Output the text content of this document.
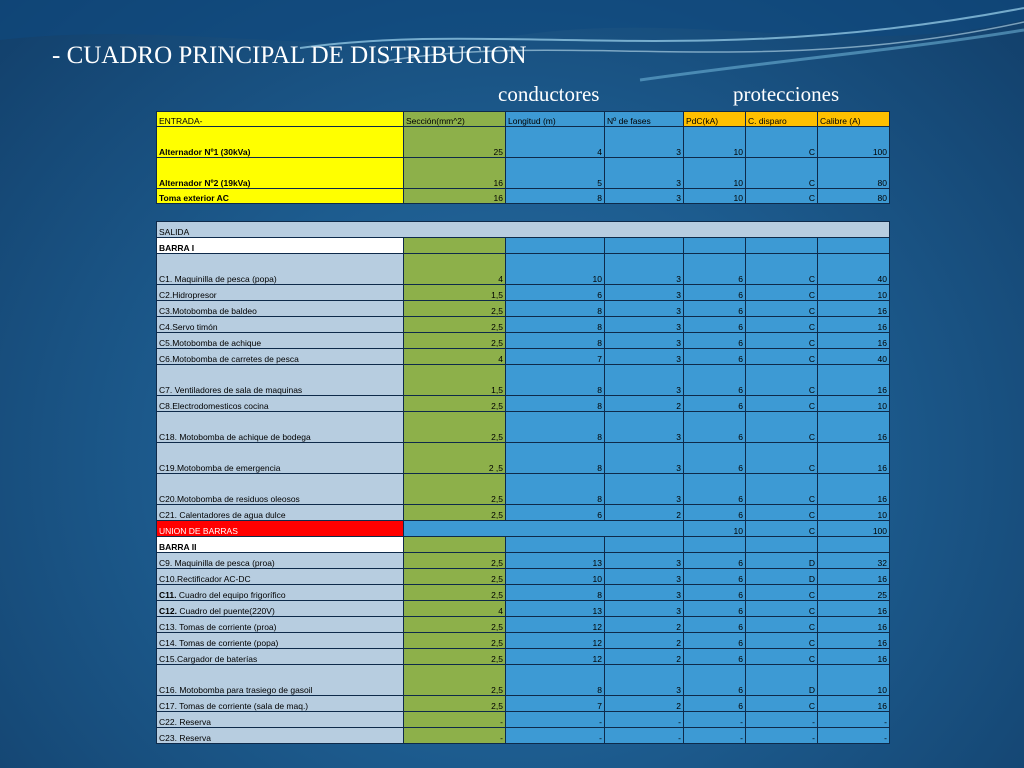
- CUADRO PRINCIPAL DE DISTRIBUCION
conductores	protecciones
ENTRADA-	Sección(mm^2)	Longitud (m)	Nº de fases	PdC(kA)	C. disparo	Calibre (A)
Alternador Nº1 (30kVa)	25	4	3	10	C	100
Alternador Nº2 (19kVa)	16	5	3	10	C	80
Toma exterior AC	16	8	3	10	C	80
SALIDA						
BARRA I						
C1. Maquinilla de pesca (popa)	4	10	3	6	C	40
C2.Hidropresor	1,5	6	3	6	C	10
C3.Motobomba de baldeo	2,5	8	3	6	C	16
C4.Servo timón	2,5	8	3	6	C	16
C5.Motobomba de achique	2,5	8	3	6	C	16
C6.Motobomba de carretes de pesca	4	7	3	6	C	40
C7. Ventiladores de sala de maquinas	1,5	8	3	6	C	16
C8.Electrodomesticos cocina	2,5	8	2	6	C	10
C18. Motobomba de achique de bodega	2,5	8	3	6	C	16
C19.Motobomba de emergencia	2 ,5	8	3	6	C	16
C20.Motobomba de residuos oleosos	2,5	8	3	6	C	16
C21. Calentadores de agua dulce	2,5	6	2	6	C	10
UNION DE BARRAS				10	C	100
BARRA II						
C9. Maquinilla de pesca (proa)	2,5	13	3	6	D	32
C10.Rectificador AC-DC	2,5	10	3	6	D	16
C11. Cuadro del equipo frigorífico	2,5	8	3	6	C	25
C12. Cuadro del puente(220V)	4	13	3	6	C	16
C13. Tomas de corriente (proa)	2,5	12	2	6	C	16
C14. Tomas de corriente (popa)	2,5	12	2	6	C	16
C15.Cargador de baterías	2,5	12	2	6	C	16
C16. Motobomba para trasiego de gasoil	2,5	8	3	6	D	10
C17. Tomas de corriente (sala de maq.)	2,5	7	2	6	C	16
C22. Reserva	-	-	-	-	-	-
C23. Reserva	-	-	-	-	-	-
